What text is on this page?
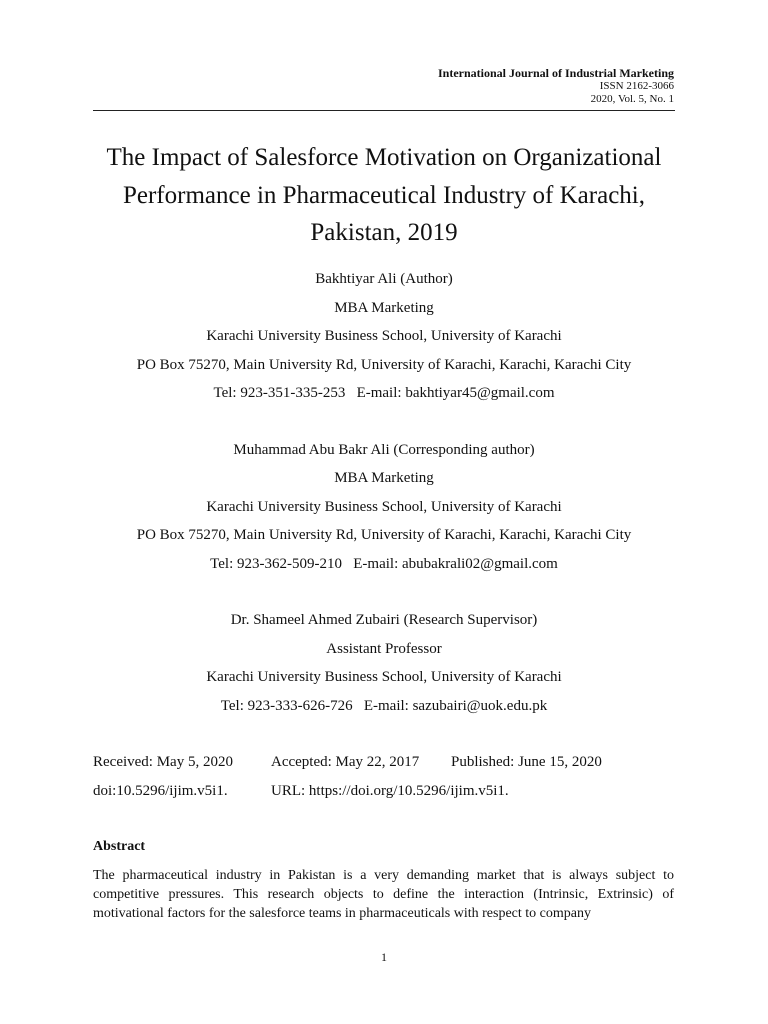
International Journal of Industrial Marketing
ISSN 2162-3066
2020, Vol. 5, No. 1
The Impact of Salesforce Motivation on Organizational
Performance in Pharmaceutical Industry of Karachi,
Pakistan, 2019
Bakhtiyar Ali (Author)
MBA Marketing
Karachi University Business School, University of Karachi
PO Box 75270, Main University Rd, University of Karachi, Karachi, Karachi City
Tel: 923-351-335-253   E-mail: bakhtiyar45@gmail.com
Muhammad Abu Bakr Ali (Corresponding author)
MBA Marketing
Karachi University Business School, University of Karachi
PO Box 75270, Main University Rd, University of Karachi, Karachi, Karachi City
Tel: 923-362-509-210   E-mail: abubakrali02@gmail.com
Dr. Shameel Ahmed Zubairi (Research Supervisor)
Assistant Professor
Karachi University Business School, University of Karachi
Tel: 923-333-626-726   E-mail: sazubairi@uok.edu.pk
Received: May 5, 2020	Accepted: May 22, 2017	Published: June 15, 2020
doi:10.5296/ijim.v5i1.	URL: https://doi.org/10.5296/ijim.v5i1.
Abstract
The pharmaceutical industry in Pakistan is a very demanding market that is always subject to competitive pressures. This research objects to define the interaction (Intrinsic, Extrinsic) of motivational factors for the salesforce teams in pharmaceuticals with respect to company
1
